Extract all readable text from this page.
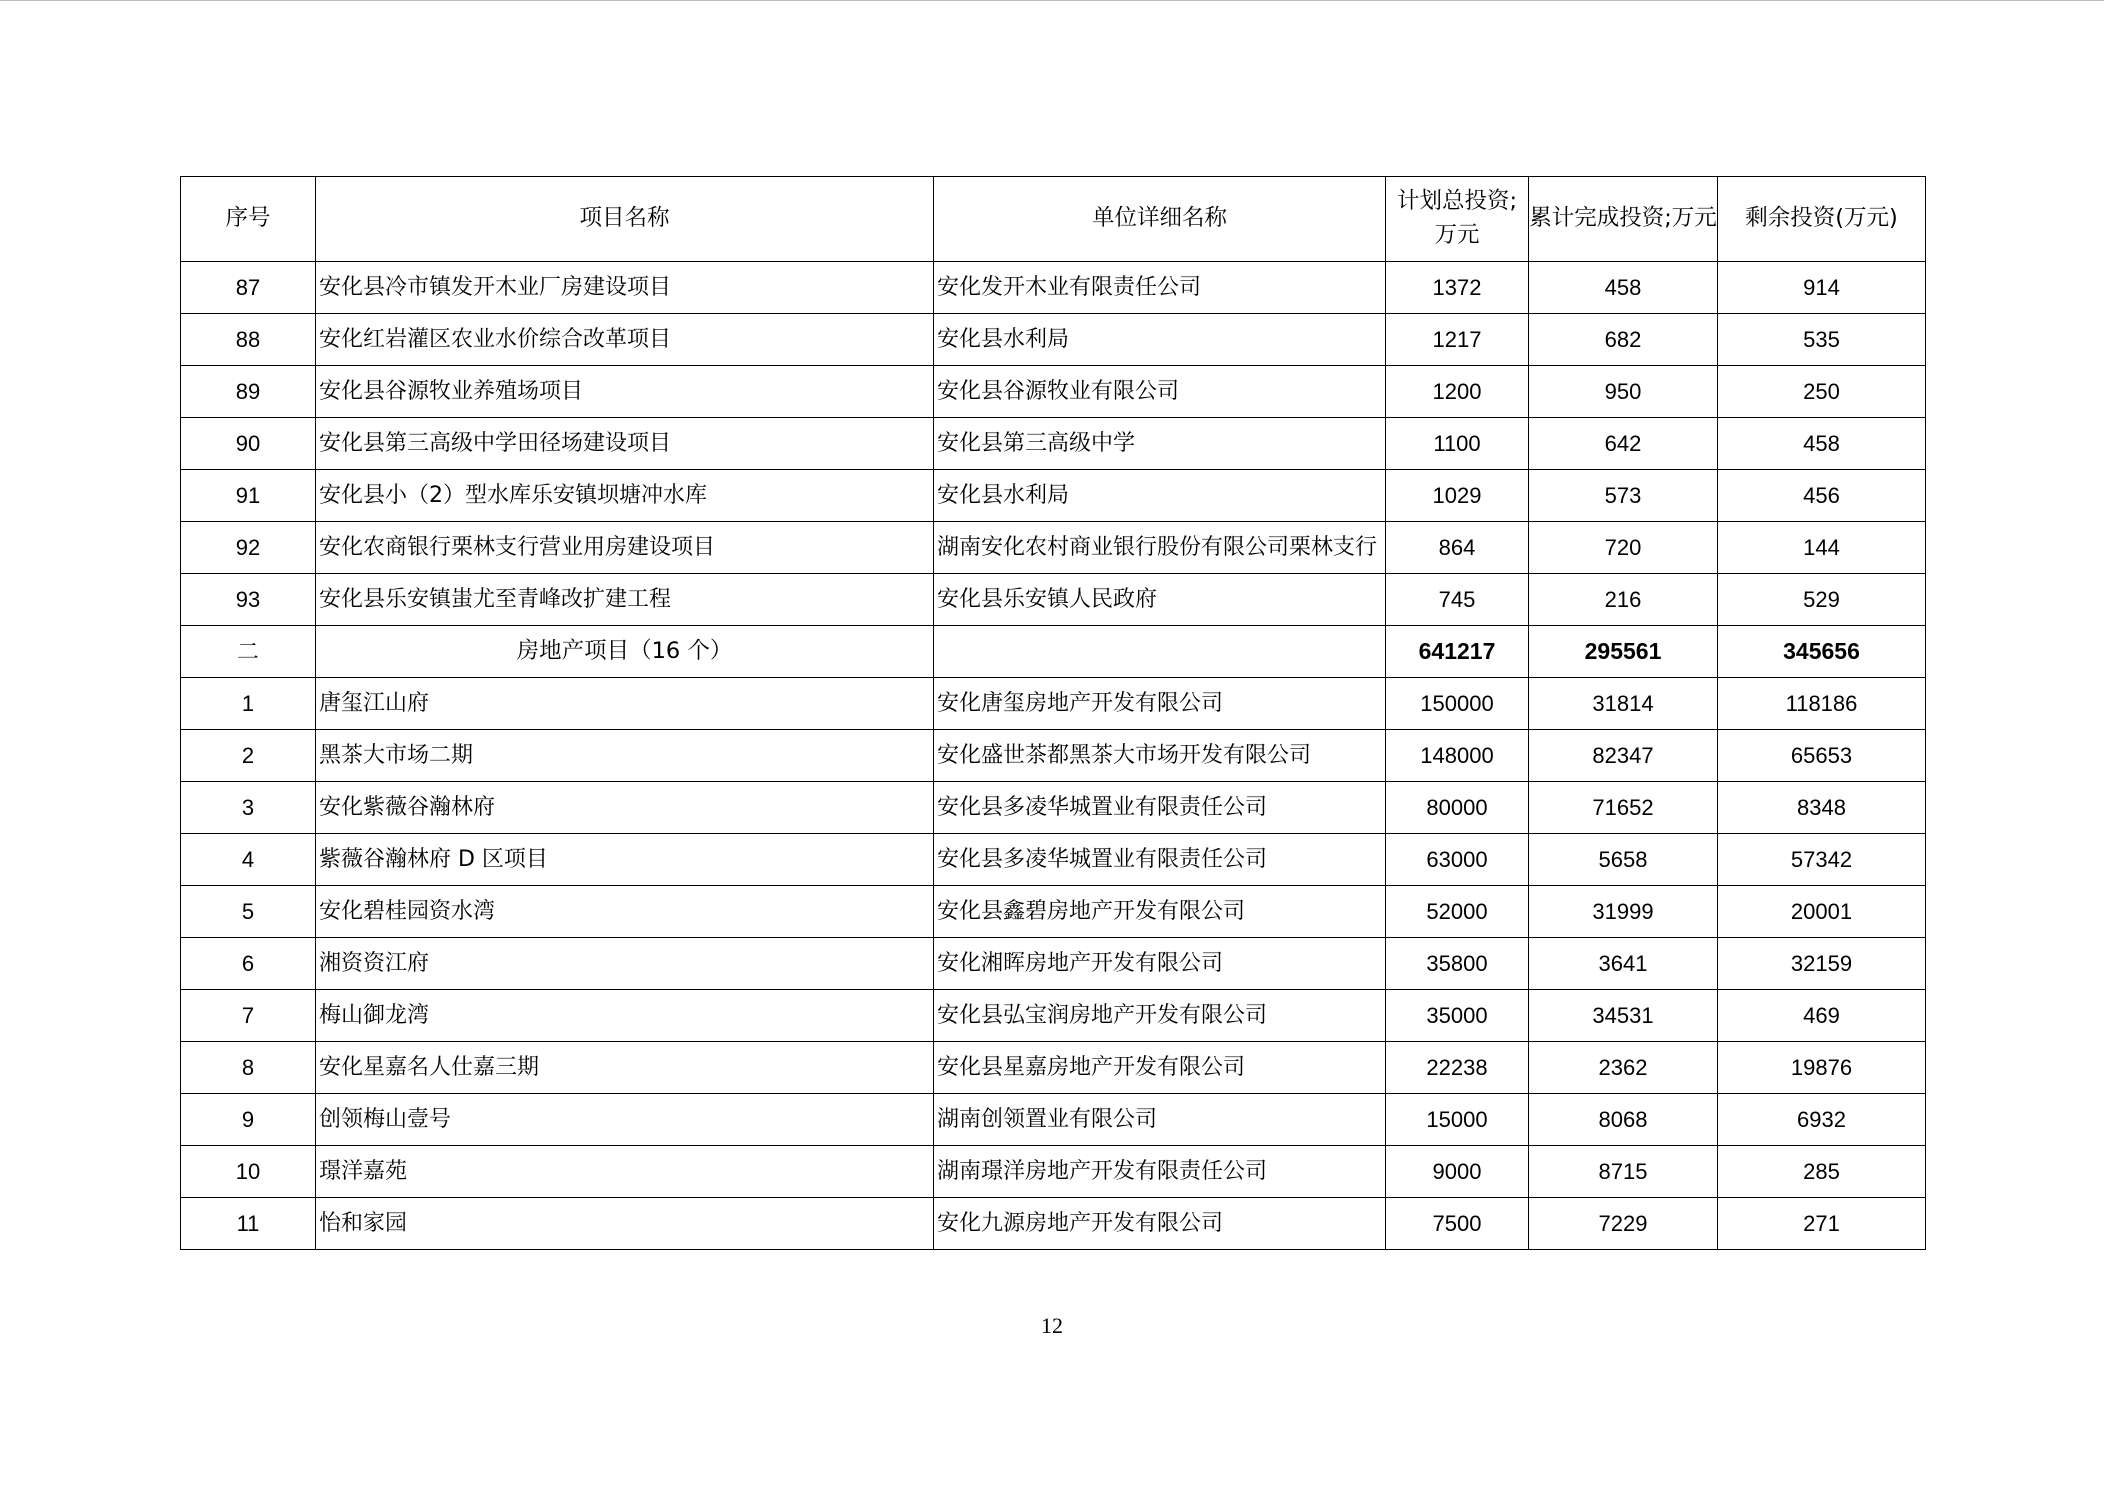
序号	项目名称	单位详细名称	计划总投资;万元	累计完成投资;万元	剩余投资(万元)
87	安化县冷市镇发开木业厂房建设项目	安化发开木业有限责任公司	1372	458	914
88	安化红岩灌区农业水价综合改革项目	安化县水利局	1217	682	535
89	安化县谷源牧业养殖场项目	安化县谷源牧业有限公司	1200	950	250
90	安化县第三高级中学田径场建设项目	安化县第三高级中学	1100	642	458
91	安化县小（2）型水库乐安镇坝塘冲水库	安化县水利局	1029	573	456
92	安化农商银行栗林支行营业用房建设项目	湖南安化农村商业银行股份有限公司栗林支行	864	720	144
93	安化县乐安镇蚩尤至青峰改扩建工程	安化县乐安镇人民政府	745	216	529
二	房地产项目（16 个）		641217	295561	345656
1	唐玺江山府	安化唐玺房地产开发有限公司	150000	31814	118186
2	黑茶大市场二期	安化盛世茶都黑茶大市场开发有限公司	148000	82347	65653
3	安化紫薇谷瀚林府	安化县多凌华城置业有限责任公司	80000	71652	8348
4	紫薇谷瀚林府 D 区项目	安化县多凌华城置业有限责任公司	63000	5658	57342
5	安化碧桂园资水湾	安化县鑫碧房地产开发有限公司	52000	31999	20001
6	湘资资江府	安化湘晖房地产开发有限公司	35800	3641	32159
7	梅山御龙湾	安化县弘宝润房地产开发有限公司	35000	34531	469
8	安化星嘉名人仕嘉三期	安化县星嘉房地产开发有限公司	22238	2362	19876
9	创领梅山壹号	湖南创领置业有限公司	15000	8068	6932
10	璟洋嘉苑	湖南璟洋房地产开发有限责任公司	9000	8715	285
11	怡和家园	安化九源房地产开发有限公司	7500	7229	271
12
